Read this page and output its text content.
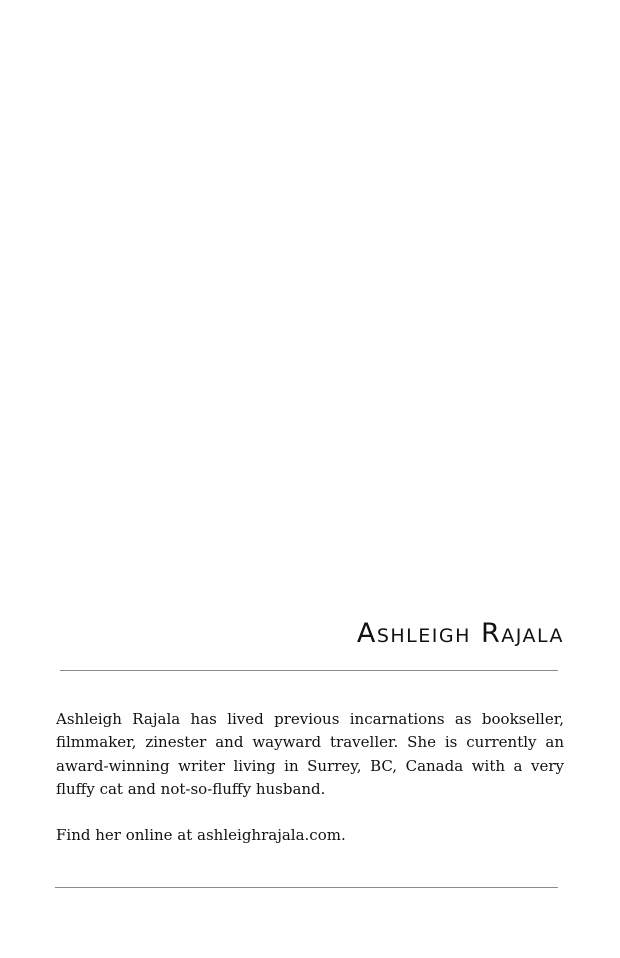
Ashleigh Rajala

Ashleigh Rajala has lived previous incarnations as bookseller, filmmaker, zinester and wayward traveller. She is currently an award-winning writer living in Surrey, BC, Canada with a very fluffy cat and not-so-fluffy husband.

Find her online at ashleighrajala.com.
